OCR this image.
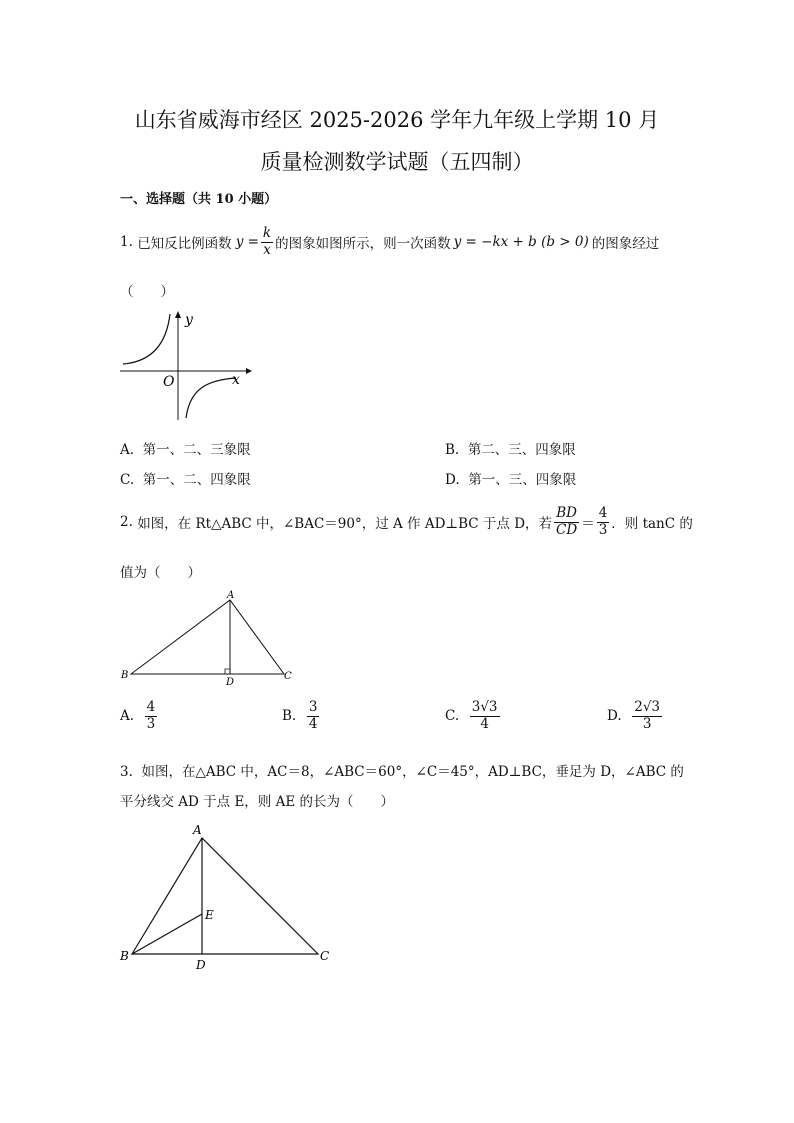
山东省威海市经区 2025-2026 学年九年级上学期 10 月
质量检测数学试题（五四制）
一、选择题（共 10 小题）
1.
已知反比例函数 $y = \frac{k}{x}$ 的图象如图所示，则一次函数 y = −kx + b (b > 0) 的图象经过
（　　）
y
x
O
A. 第一、二、三象限	B. 第二、三、四象限
C. 第一、二、四象限	D. 第一、三、四象限
2.
如图，在 Rt△ABC 中，∠BAC＝90°，过 A 作 AD⊥BC 于点 D，若 $\frac{BD}{CD} = \frac{4}{3}$ ．则 tanC 的
值为（　　）
A
B	C
D
A.
$\frac{4}{3}$	B.
$\frac{3}{4}$	C.
$\frac{3√3}{4}$	D.
$\frac{2√3}{3}$
3. 如图，在△ABC 中，AC＝8，∠ABC＝60°，∠C＝45°，AD⊥BC，垂足为 D，∠ABC 的
平分线交 AD 于点 E，则 AE 的长为（　　）
A
B	C
D
E
